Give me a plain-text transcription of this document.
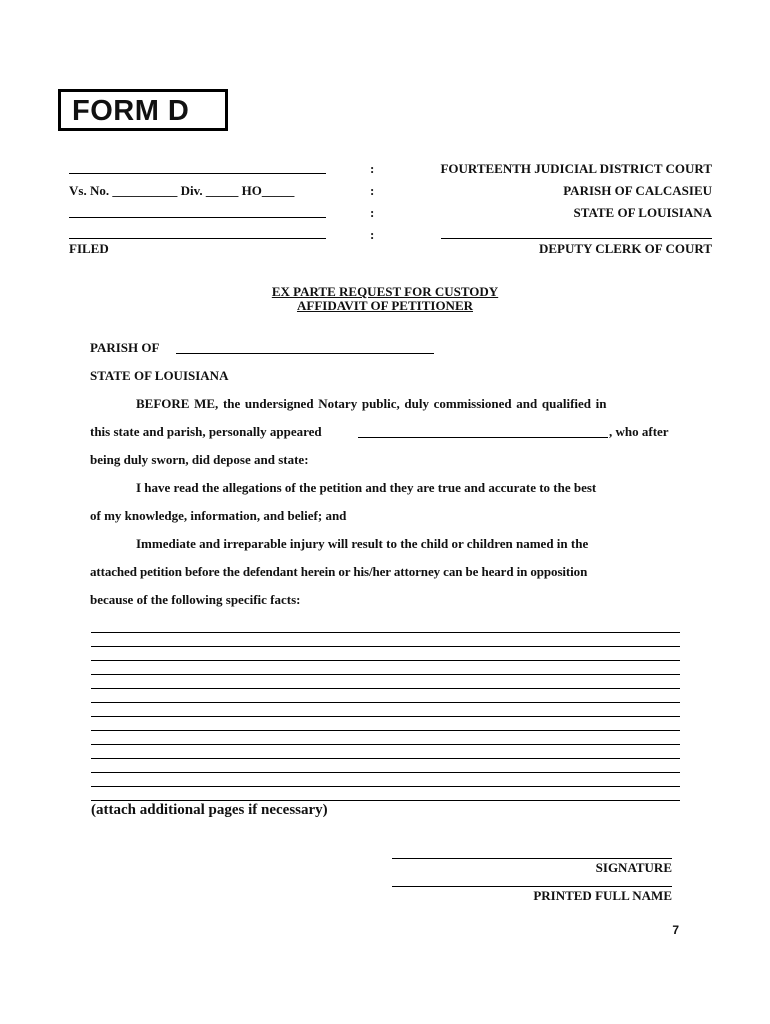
FORM D
Vs. No. __________ Div. _____ HO_____
FILED
:
:
:
:
FOURTEENTH JUDICIAL DISTRICT COURT
PARISH OF CALCASIEU
STATE OF LOUISIANA
DEPUTY CLERK OF COURT
EX PARTE REQUEST FOR CUSTODY
AFFIDAVIT OF PETITIONER
PARISH OF
STATE OF LOUISIANA
BEFORE ME, the undersigned Notary public, duly commissioned and qualified in
this state and parish, personally appeared	, who after
being duly sworn, did depose and state:
I have read the allegations of the petition and they are true and accurate to the best
of my knowledge, information, and belief; and
Immediate and irreparable injury will result to the child or children named in the
attached petition before the defendant herein or his/her attorney can be heard in opposition
because of the following specific facts:
(attach additional pages if necessary)
SIGNATURE
PRINTED FULL NAME
7
